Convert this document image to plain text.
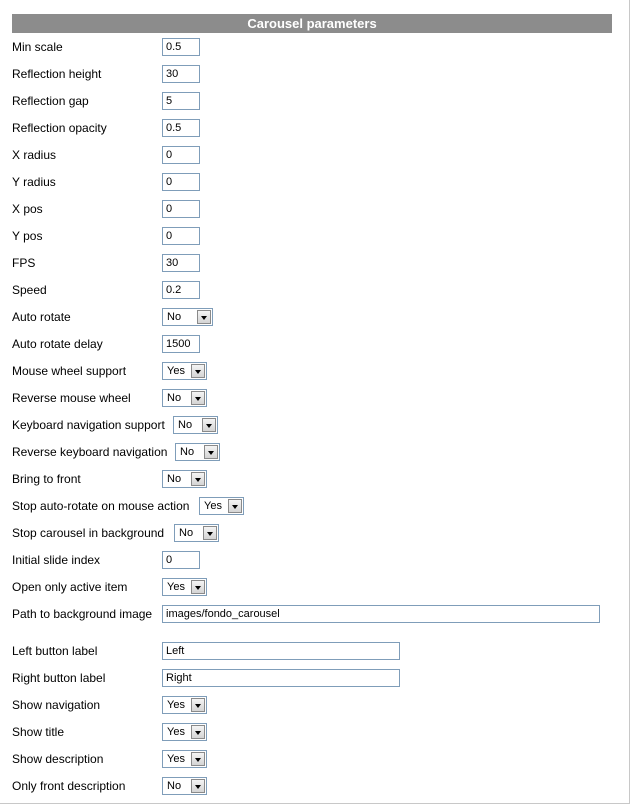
Carousel parameters
Min scale	0.5
Reflection height	30
Reflection gap	5
Reflection opacity	0.5
X radius	0
Y radius	0
X pos	0
Y pos	0
FPS	30
Speed	0.2
Auto rotate	No
Auto rotate delay	1500
Mouse wheel support	Yes
Reverse mouse wheel	No
Keyboard navigation support No
Reverse keyboard navigation No
Bring to front	No
Stop auto-rotate on mouse action Yes
Stop carousel in background No
Initial slide index	0
Open only active item	Yes
Path to background image	images/fondo_carousel
Left button label	Left
Right button label	Right
Show navigation	Yes
Show title	Yes
Show description	Yes
Only front description	No
